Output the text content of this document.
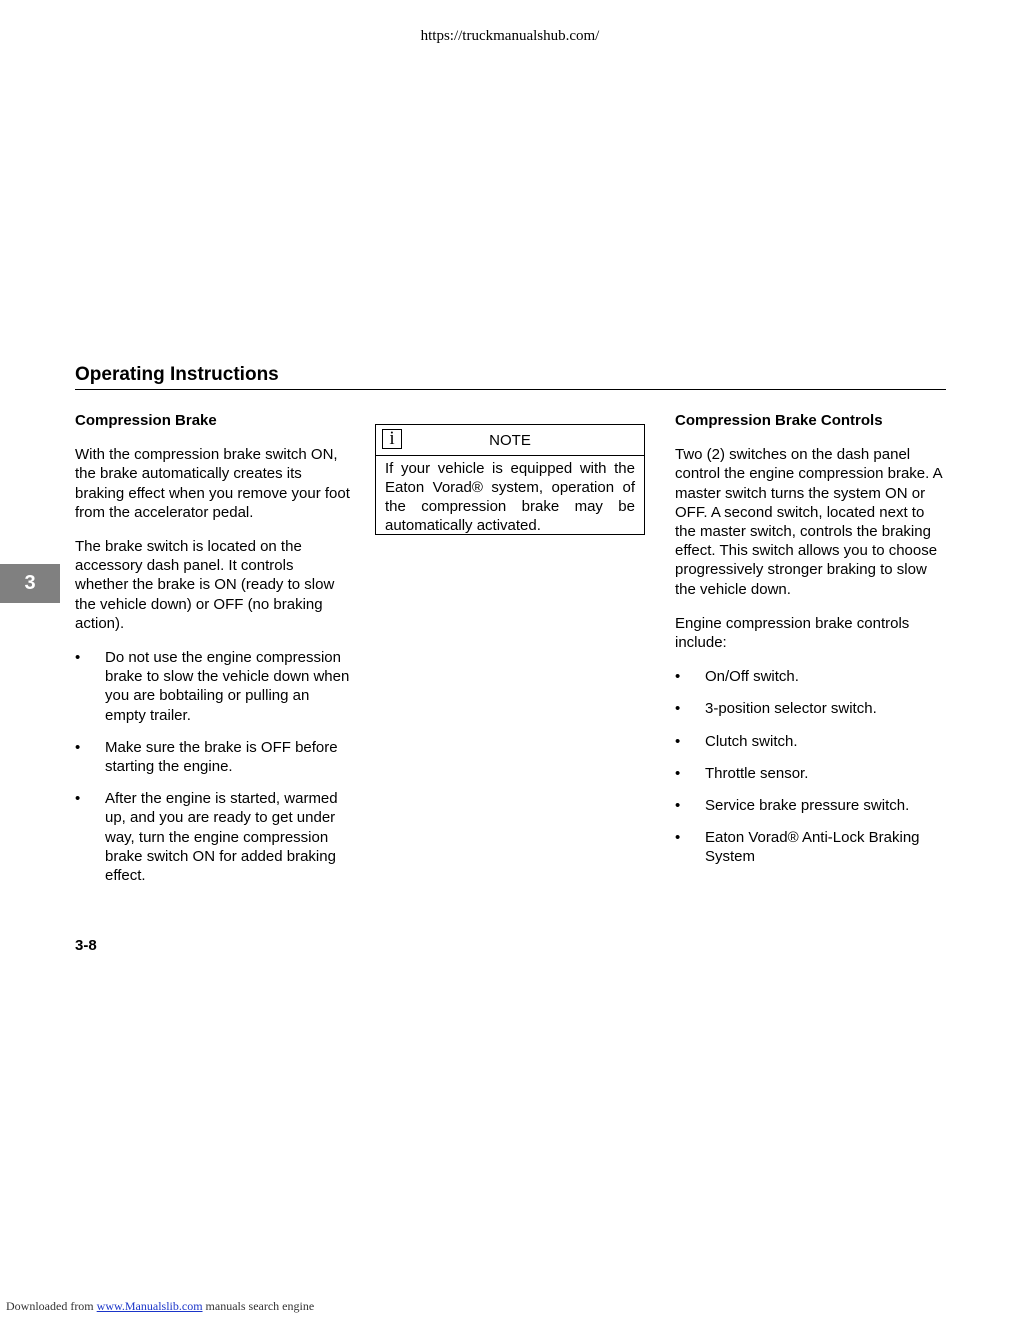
https://truckmanualshub.com/
Operating Instructions
3
Compression Brake

With the compression brake switch ON, the brake automatically creates its braking effect when you remove your foot from the accelerator pedal.

The brake switch is located on the accessory dash panel. It controls whether the brake is ON (ready to slow the vehicle down) or OFF (no braking action).

• Do not use the engine compression brake to slow the vehicle down when you are bobtailing or pulling an empty trailer.
• Make sure the brake is OFF before starting the engine.
• After the engine is started, warmed up, and you are ready to get under way, turn the engine compression brake switch ON for added braking effect.
i	NOTE
If your vehicle is equipped with the Eaton Vorad® system, operation of the compression brake may be automatically activated.
Compression Brake Controls

Two (2) switches on the dash panel control the engine compression brake. A master switch turns the system ON or OFF. A second switch, located next to the master switch, controls the braking effect. This switch allows you to choose progressively stronger braking to slow the vehicle down.

Engine compression brake controls include:

• On/Off switch.
• 3-position selector switch.
• Clutch switch.
• Throttle sensor.
• Service brake pressure switch.
• Eaton Vorad® Anti-Lock Braking System
3-8
Downloaded from www.Manualslib.com manuals search engine
